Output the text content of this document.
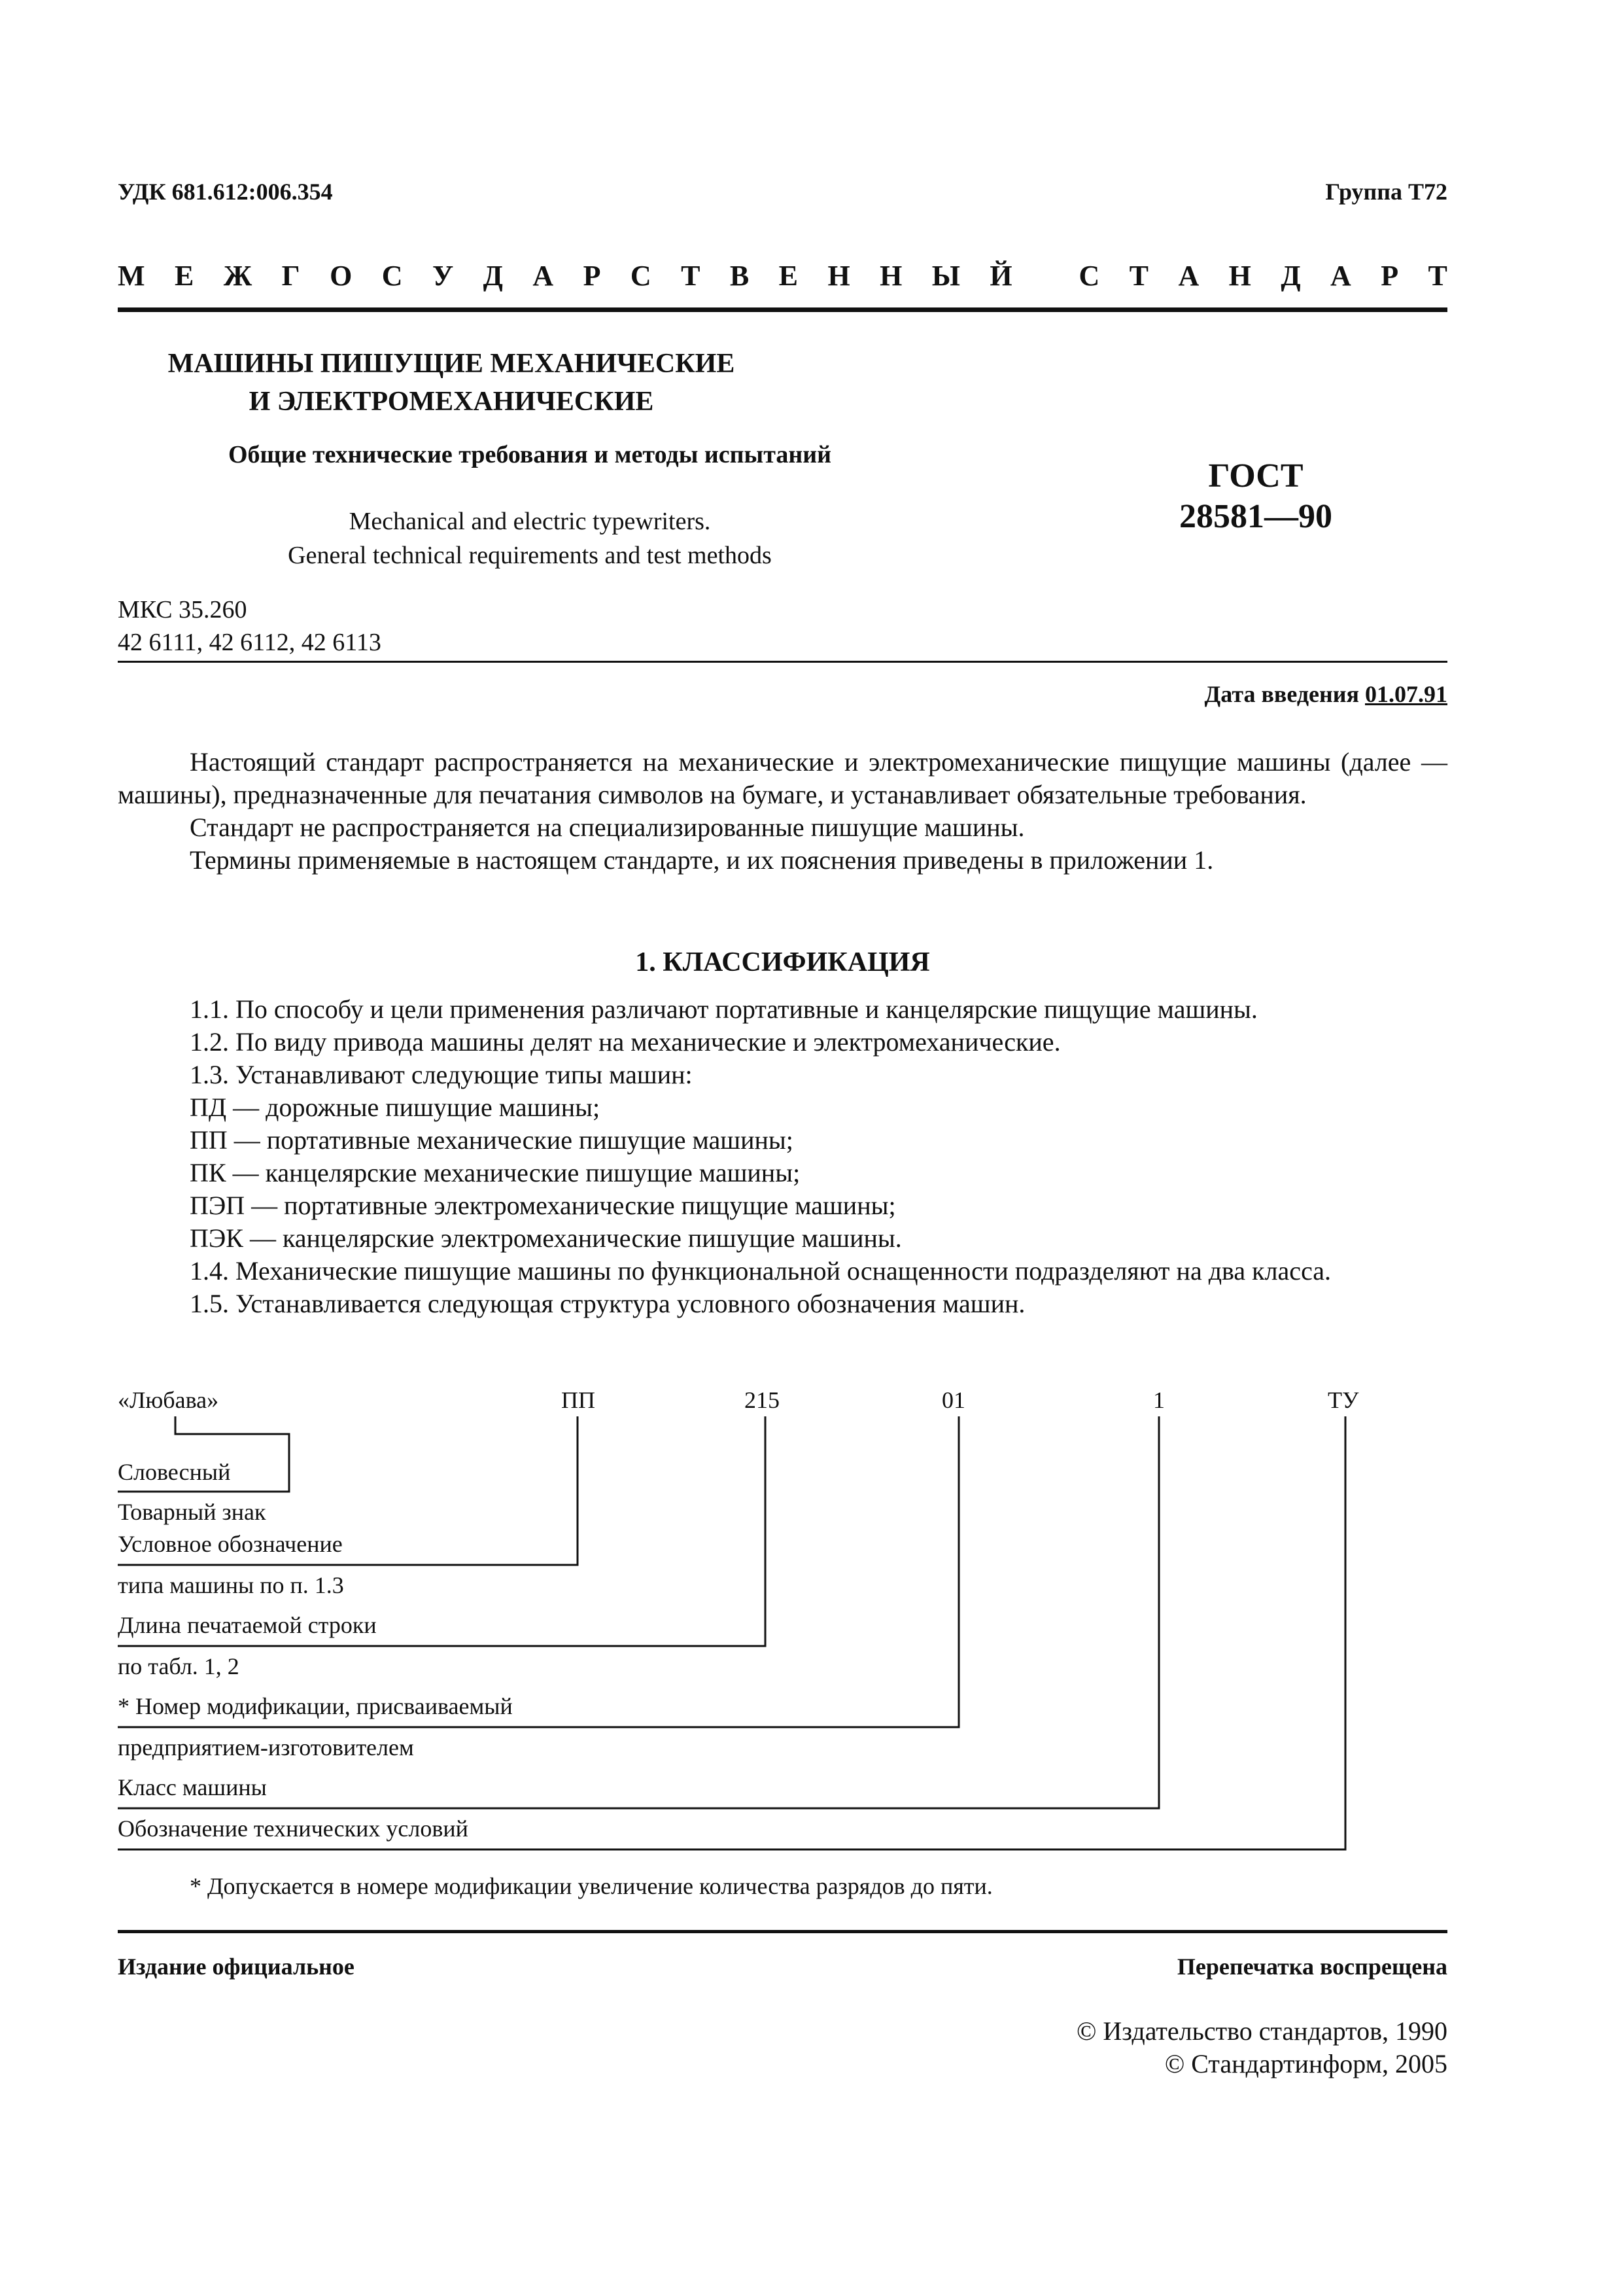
УДК 681.612:006.354	Группа Т72
М Е Ж Г О С У Д А Р С Т В Е Н Н Ы Й
С Т А Н Д А Р Т
МАШИНЫ ПИШУЩИЕ МЕХАНИЧЕСКИЕ
И ЭЛЕКТРОМЕХАНИЧЕСКИЕ
Общие технические требования и методы испытаний
Mechanical and electric typewriters.
General technical requirements and test methods
ГОСТ
28581—90
МКС 35.260
42 6111, 42 6112, 42 6113
Дата введения 01.07.91

Настоящий стандарт распространяется на механические и электромеханические пищущие машины (далее — машины), предназначенные для печатания символов на бумаге, и устанавливает обязательные требования.

Стандарт не распространяется на специализированные пишущие машины.

Термины применяемые в настоящем стандарте, и их пояснения приведены в приложении 1.

1. КЛАССИФИКАЦИЯ

1.1. По способу и цели применения различают портативные и канцелярские пищущие машины.

1.2. По виду привода машины делят на механические и электромеханические.

1.3. Устанавливают следующие типы машин:

ПД — дорожные пишущие машины;

ПП — портативные механические пишущие машины;

ПК — канцелярские механические пишущие машины;

ПЭП — портативные электромеханические пищущие машины;

ПЭК — канцелярские электромеханические пишущие машины.

1.4. Механические пишущие машины по функциональной оснащенности подразделяют на два класса.

1.5. Устанавливается следующая структура условного обозначения машин.

«Любава»	ПП	215	01	1	ТУ
Словесный
Товарный знак
Условное обозначение
типа машины по п. 1.3
Длина печатаемой строки
по табл. 1, 2
* Номер модификации, присваиваемый
предприятием-изготовителем
Класс машины
Обозначение технических условий
* Допускается в номере модификации увеличение количества разрядов до пяти.
Издание официальное	Перепечатка воспрещена
© Издательство стандартов, 1990
© Стандартинформ, 2005
